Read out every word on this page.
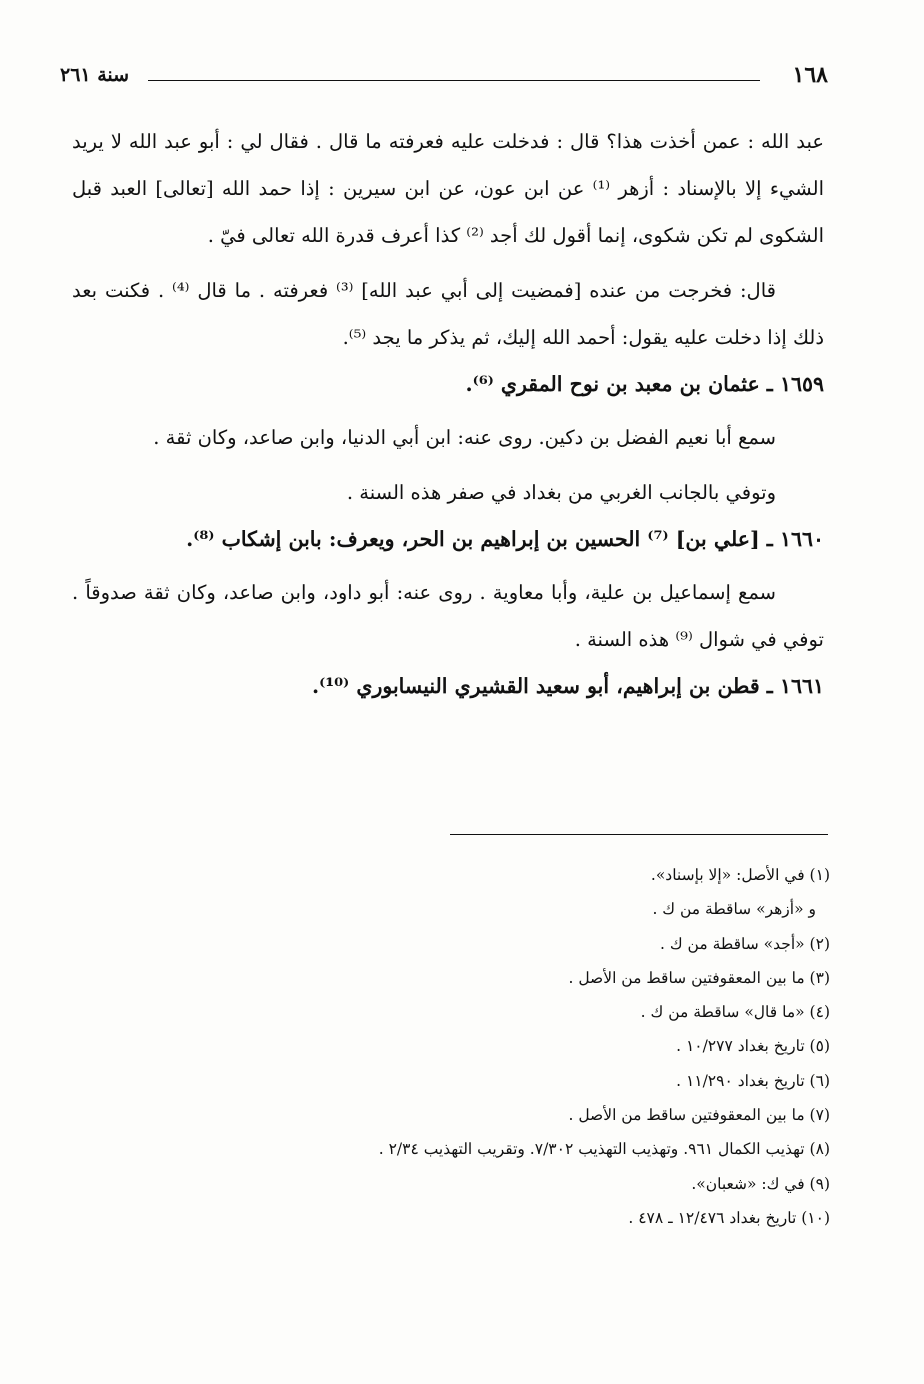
١٦٨
سنة ٢٦١

عبد الله : عمن أخذت هذا؟ قال : فدخلت عليه فعرفته ما قال . فقال لي : أبو عبد الله لا يريد الشيء إلا بالإسناد : أزهر ⁽¹⁾ عن ابن عون، عن ابن سيرين : إذا حمد الله [تعالى] العبد قبل الشكوى لم تكن شكوى، إنما أقول لك أجد ⁽²⁾ كذا أعرف قدرة الله تعالى فيّ .

قال: فخرجت من عنده [فمضيت إلى أبي عبد الله] ⁽³⁾ فعرفته . ما قال ⁽⁴⁾ . فكنت بعد ذلك إذا دخلت عليه يقول: أحمد الله إليك، ثم يذكر ما يجد ⁽⁵⁾.

١٦٥٩ ـ عثمان بن معبد بن نوح المقري ⁽⁶⁾.

سمع أبا نعيم الفضل بن دكين. روى عنه: ابن أبي الدنيا، وابن صاعد، وكان ثقة .

وتوفي بالجانب الغربي من بغداد في صفر هذه السنة .

١٦٦٠ ـ [علي بن] ⁽⁷⁾ الحسين بن إبراهيم بن الحر، ويعرف: بابن إشكاب ⁽⁸⁾.

سمع إسماعيل بن علية، وأبا معاوية . روى عنه: أبو داود، وابن صاعد، وكان ثقة صدوقاً . توفي في شوال ⁽⁹⁾ هذه السنة .

١٦٦١ ـ قطن بن إبراهيم، أبو سعيد القشيري النيسابوري ⁽¹⁰⁾.

(١) في الأصل: «إلا بإسناد».
و «أزهر» ساقطة من ك .
(٢) «أجد» ساقطة من ك .
(٣) ما بين المعقوفتين ساقط من الأصل .
(٤) «ما قال» ساقطة من ك .
(٥) تاريخ بغداد ١٠/٢٧٧ .
(٦) تاريخ بغداد ١١/٢٩٠ .
(٧) ما بين المعقوفتين ساقط من الأصل .
(٨) تهذيب الكمال ٩٦١. وتهذيب التهذيب ٧/٣٠٢. وتقريب التهذيب ٢/٣٤ .
(٩) في ك: «شعبان».
(١٠) تاريخ بغداد ١٢/٤٧٦ ـ ٤٧٨ .
